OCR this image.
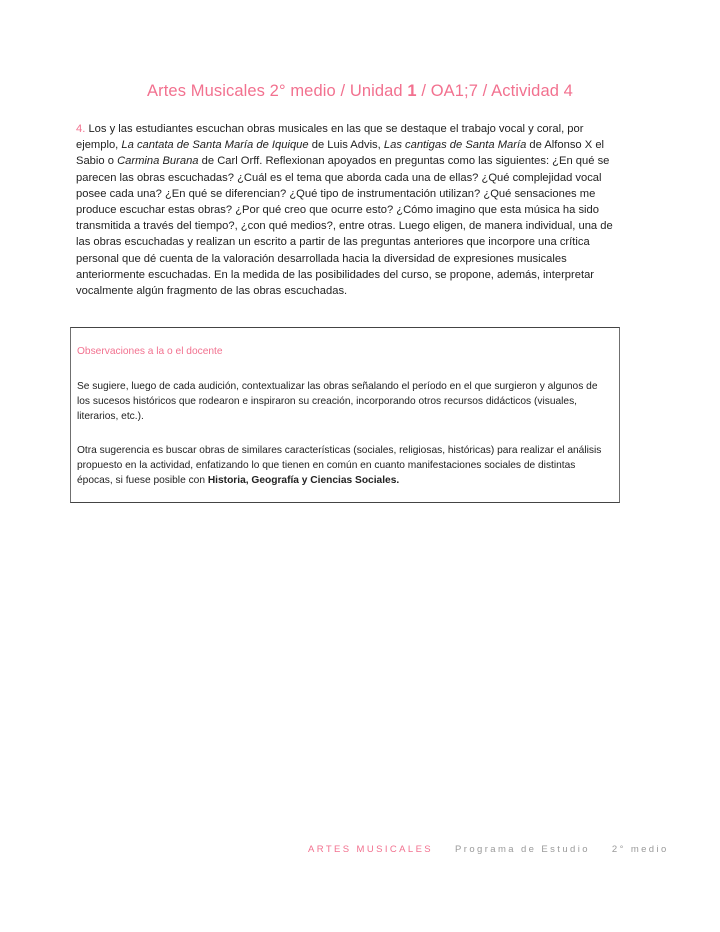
Artes Musicales 2° medio / Unidad 1 / OA1;7 / Actividad 4
4. Los y las estudiantes escuchan obras musicales en las que se destaque el trabajo vocal y coral, por ejemplo, La cantata de Santa María de Iquique de Luis Advis, Las cantigas de Santa María de Alfonso X el Sabio o Carmina Burana de Carl Orff. Reflexionan apoyados en preguntas como las siguientes: ¿En qué se parecen las obras escuchadas? ¿Cuál es el tema que aborda cada una de ellas? ¿Qué complejidad vocal posee cada una? ¿En qué se diferencian? ¿Qué tipo de instrumentación utilizan? ¿Qué sensaciones me produce escuchar estas obras? ¿Por qué creo que ocurre esto? ¿Cómo imagino que esta música ha sido transmitida a través del tiempo?, ¿con qué medios?, entre otras. Luego eligen, de manera individual, una de las obras escuchadas y realizan un escrito a partir de las preguntas anteriores que incorpore una crítica personal que dé cuenta de la valoración desarrollada hacia la diversidad de expresiones musicales anteriormente escuchadas. En la medida de las posibilidades del curso, se propone, además, interpretar vocalmente algún fragmento de las obras escuchadas.
Observaciones a la o el docente
Se sugiere, luego de cada audición, contextualizar las obras señalando el período en el que surgieron y algunos de los sucesos históricos que rodearon e inspiraron su creación, incorporando otros recursos didácticos (visuales, literarios, etc.).
Otra sugerencia es buscar obras de similares características (sociales, religiosas, históricas) para realizar el análisis propuesto en la actividad, enfatizando lo que tienen en común en cuanto manifestaciones sociales de distintas épocas, si fuese posible con Historia, Geografía y Ciencias Sociales.
ARTES MUSICALES Programa de Estudio 2° medio
